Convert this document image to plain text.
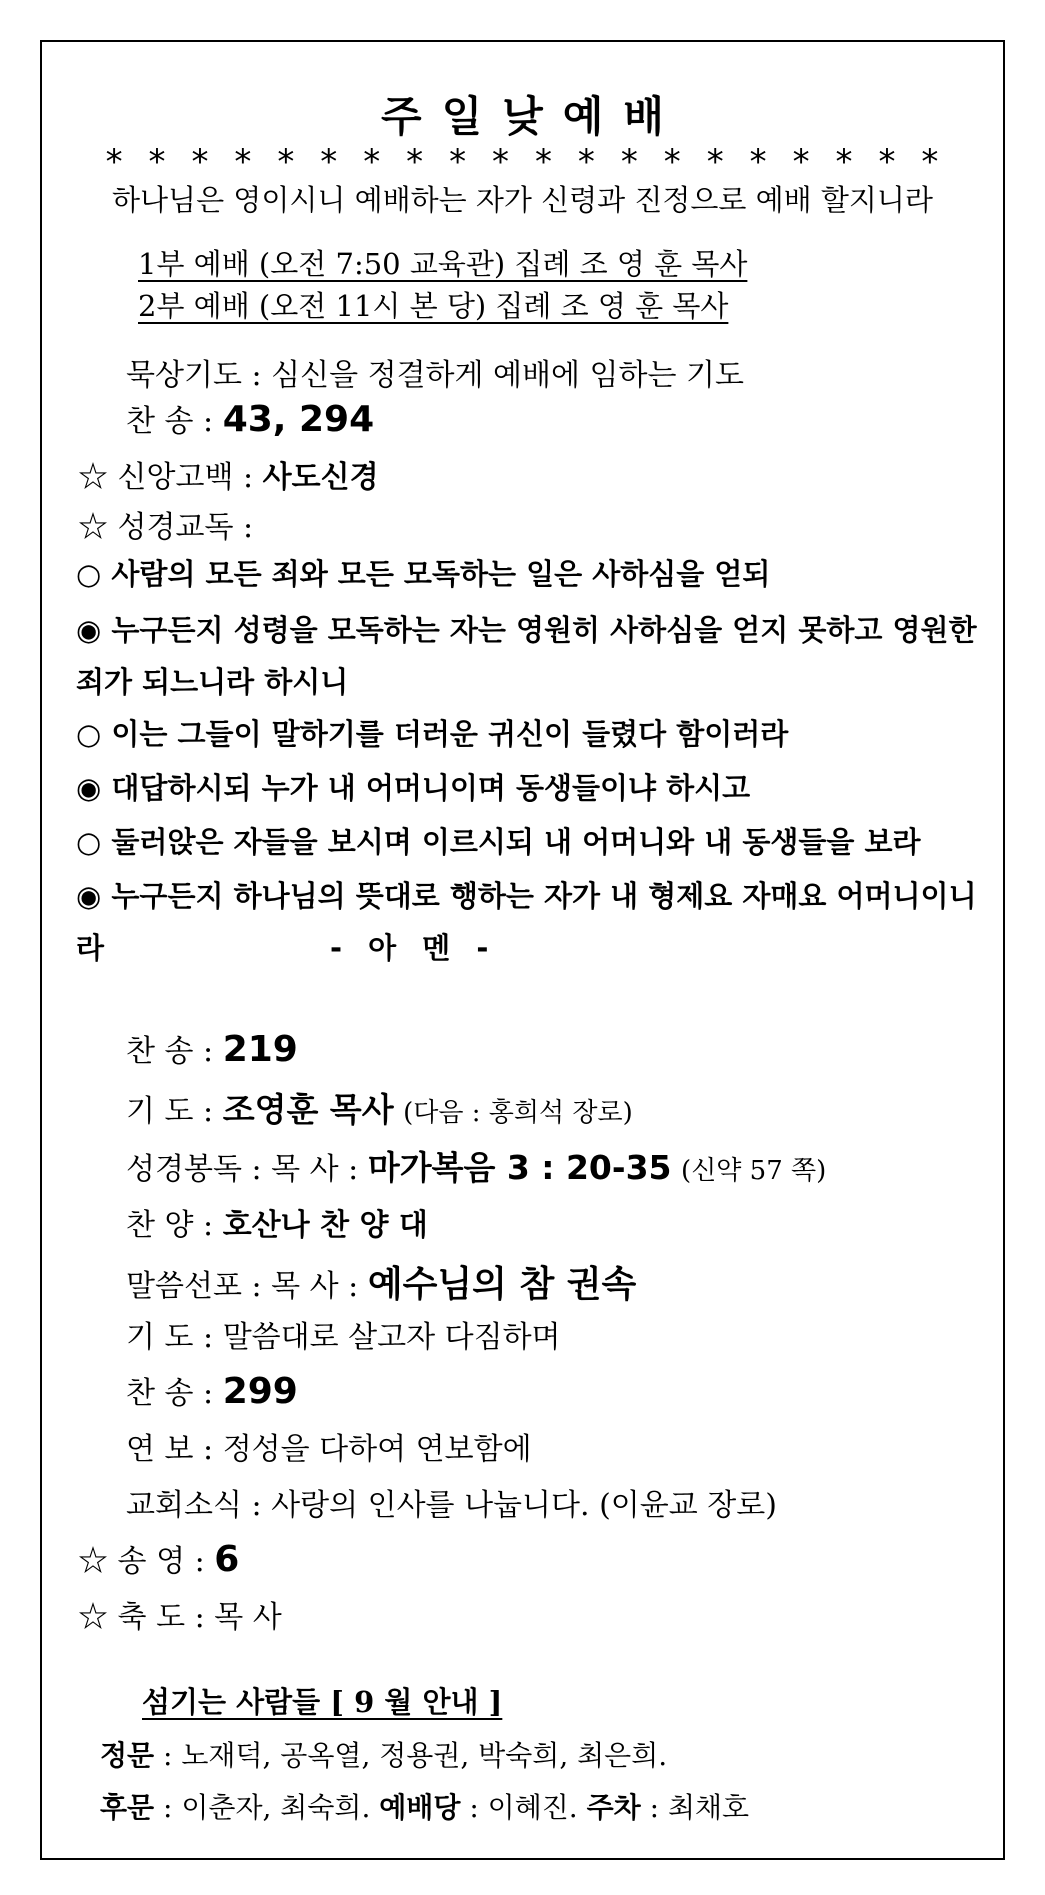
주 일 낮 예 배
* * * * * * * * * * * * * * * * * * * *
하나님은 영이시니 예배하는 자가 신령과 진정으로 예배 할지니라
1부 예배 (오전 7:50 교육관) 집례 조 영 훈 목사
2부 예배 (오전 11시 본 당) 집례 조 영 훈 목사
묵상기도 : 심신을 정결하게 예배에 임하는 기도
찬 송 : 43, 294
☆ 신앙고백 : 사도신경
☆ 성경교독 :
○ 사람의 모든 죄와 모든 모독하는 일은 사하심을 얻되
◉ 누구든지 성령을 모독하는 자는 영원히 사하심을 얻지 못하고 영원한
죄가 되느니라 하시니
○ 이는 그들이 말하기를 더러운 귀신이 들렸다 함이러라
◉ 대답하시되 누가 내 어머니이며 동생들이냐 하시고
○ 둘러앉은 자들을 보시며 이르시되 내 어머니와 내 동생들을 보라
◉ 누구든지 하나님의 뜻대로 행하는 자가 내 형제요 자매요 어머니이니
라	- 아 멘 -
찬 송 : 219
기 도 : 조영훈 목사 (다음 : 홍희석 장로)
성경봉독 : 목 사 : 마가복음 3 : 20-35 (신약 57 쪽)
찬 양 : 호산나 찬 양 대
말씀선포 : 목 사 : 예수님의 참 권속
기 도 : 말씀대로 살고자 다짐하며
찬 송 : 299
연 보 : 정성을 다하여 연보함에
교회소식 : 사랑의 인사를 나눕니다. (이윤교 장로)
☆ 송 영 : 6
☆ 축 도 : 목 사
섬기는 사람들 [ 9 월 안내 ]
정문 : 노재덕, 공옥열, 정용권, 박숙희, 최은희.
후문 : 이춘자, 최숙희. 예배당 : 이혜진. 주차 : 최채호
